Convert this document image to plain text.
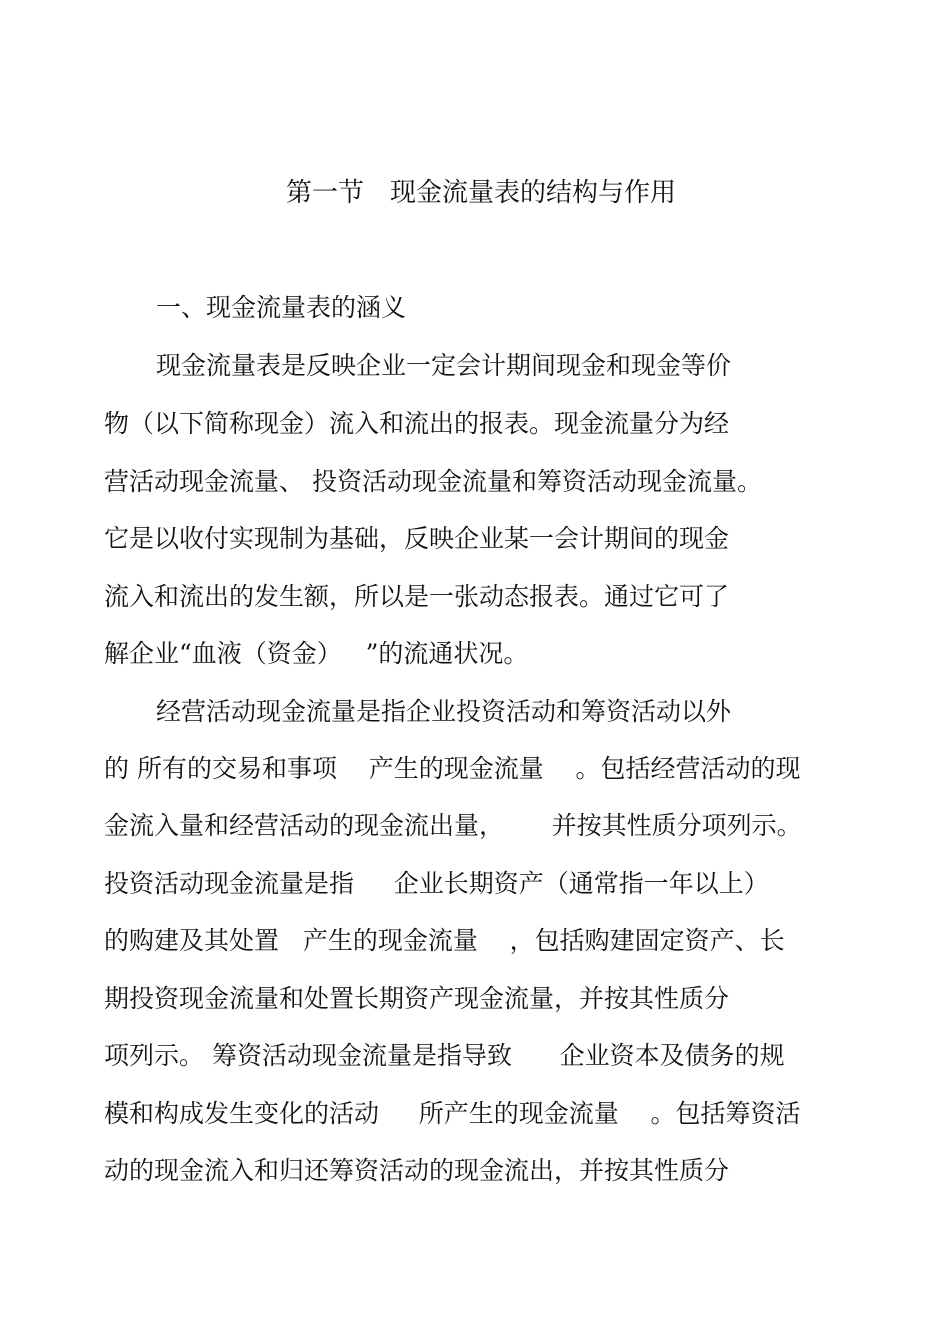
第一节　现金流量表的结构与作用
一、现金流量表的涵义
现金流量表是反映企业一定会计期间现金和现金等价
物（以下简称现金）流入和流出的报表。现金流量分为经
营活动现金流量、 投资活动现金流量和筹资活动现金流量。
它是以收付实现制为基础，反映企业某一会计期间的现金
流入和流出的发生额，所以是一张动态报表。通过它可了
解企业“血液（资金）   ”的流通状况。
经营活动现金流量是指企业投资活动和筹资活动以外
的 所有的交易和事项    产生的现金流量    。包括经营活动的现
金流入量和经营活动的现金流出量，      并按其性质分项列示。
投资活动现金流量是指     企业长期资产（通常指一年以上）
的购建及其处置   产生的现金流量    ，包括购建固定资产、长
期投资现金流量和处置长期资产现金流量，并按其性质分
项列示。 筹资活动现金流量是指导致      企业资本及债务的规
模和构成发生变化的活动     所产生的现金流量    。包括筹资活
动的现金流入和归还筹资活动的现金流出，并按其性质分
